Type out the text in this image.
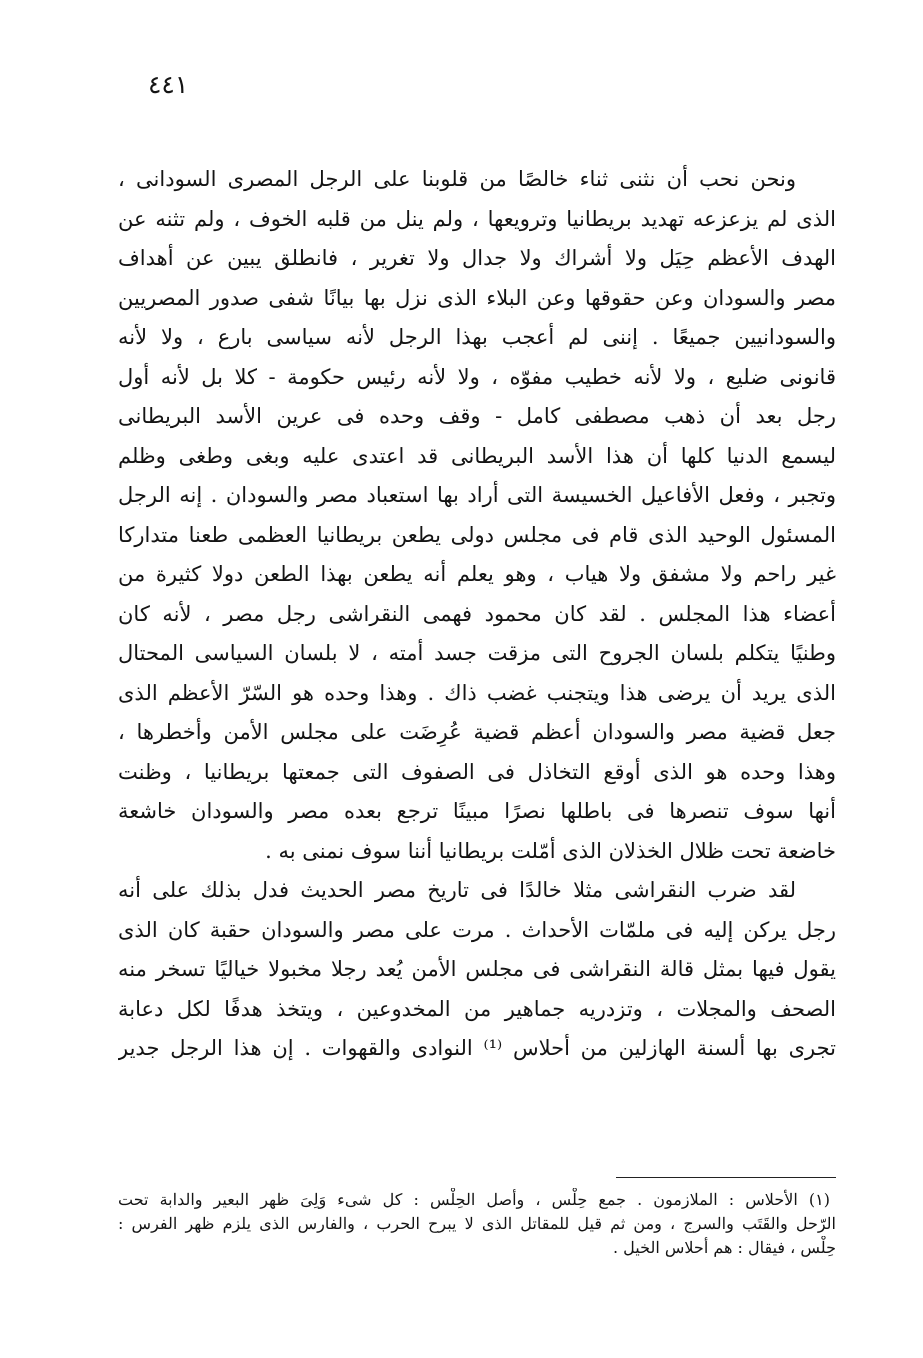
٤٤١

ونحن نحب أن نثنى ثناء خالصًا من قلوبنا على الرجل المصرى السودانى ،
الذى لم يزعزعه تهديد بريطانيا وترويعها ، ولم ينل من قلبه الخوف ، ولم تثنه عن
الهدف الأعظم حِيَل ولا أشراك ولا جدال ولا تغرير ، فانطلق يبين عن أهداف
مصر والسودان وعن حقوقها وعن البلاء الذى نزل بها بيانًا شفى صدور المصريين
والسودانيين جميعًا . إننى لم أعجب بهذا الرجل لأنه سياسى بارع ، ولا لأنه
قانونى ضليع ، ولا لأنه خطيب مفوّه ، ولا لأنه رئيس حكومة - كلا بل لأنه أول
رجل بعد أن ذهب مصطفى كامل - وقف وحده فى عرين الأسد البريطانى
ليسمع الدنيا كلها أن هذا الأسد البريطانى قد اعتدى عليه وبغى وطغى وظلم
وتجبر ، وفعل الأفاعيل الخسيسة التى أراد بها استعباد مصر والسودان . إنه الرجل
المسئول الوحيد الذى قام فى مجلس دولى يطعن بريطانيا العظمى طعنا متداركا
غير راحم ولا مشفق ولا هياب ، وهو يعلم أنه يطعن بهذا الطعن دولا كثيرة من
أعضاء هذا المجلس . لقد كان محمود فهمى النقراشى رجل مصر ، لأنه كان
وطنيًا يتكلم بلسان الجروح التى مزقت جسد أمته ، لا بلسان السياسى المحتال
الذى يريد أن يرضى هذا ويتجنب غضب ذاك . وهذا وحده هو السّرّ الأعظم الذى
جعل قضية مصر والسودان أعظم قضية عُرِضَت على مجلس الأمن وأخطرها ،
وهذا وحده هو الذى أوقع التخاذل فى الصفوف التى جمعتها بريطانيا ، وظنت
أنها سوف تنصرها فى باطلها نصرًا مبينًا ترجع بعده مصر والسودان خاشعة
خاضعة تحت ظلال الخذلان الذى أمّلت بريطانيا أننا سوف نمنى به .

لقد ضرب النقراشى مثلا خالدًا فى تاريخ مصر الحديث فدل بذلك على أنه
رجل يركن إليه فى ملمّات الأحداث . مرت على مصر والسودان حقبة كان الذى
يقول فيها بمثل قالة النقراشى فى مجلس الأمن يُعد رجلا مخبولا خياليًا تسخر منه
الصحف والمجلات ، وتزدريه جماهير من المخدوعين ، ويتخذ هدفًا لكل دعابة
تجرى بها ألسنة الهازلين من أحلاس ⁽¹⁾ النوادى والقهوات . إن هذا الرجل جدير

(١) الأحلاس : الملازمون . جمع حِلْس ، وأصل الحِلْس : كل شىء وَلِىَ ظهر البعير والدابة تحت
الرّحل والقَتَب والسرج ، ومن ثم قيل للمقاتل الذى لا يبرح الحرب ، والفارس الذى يلزم ظهر الفرس :
حِلْس ، فيقال : هم أحلاس الخيل .
